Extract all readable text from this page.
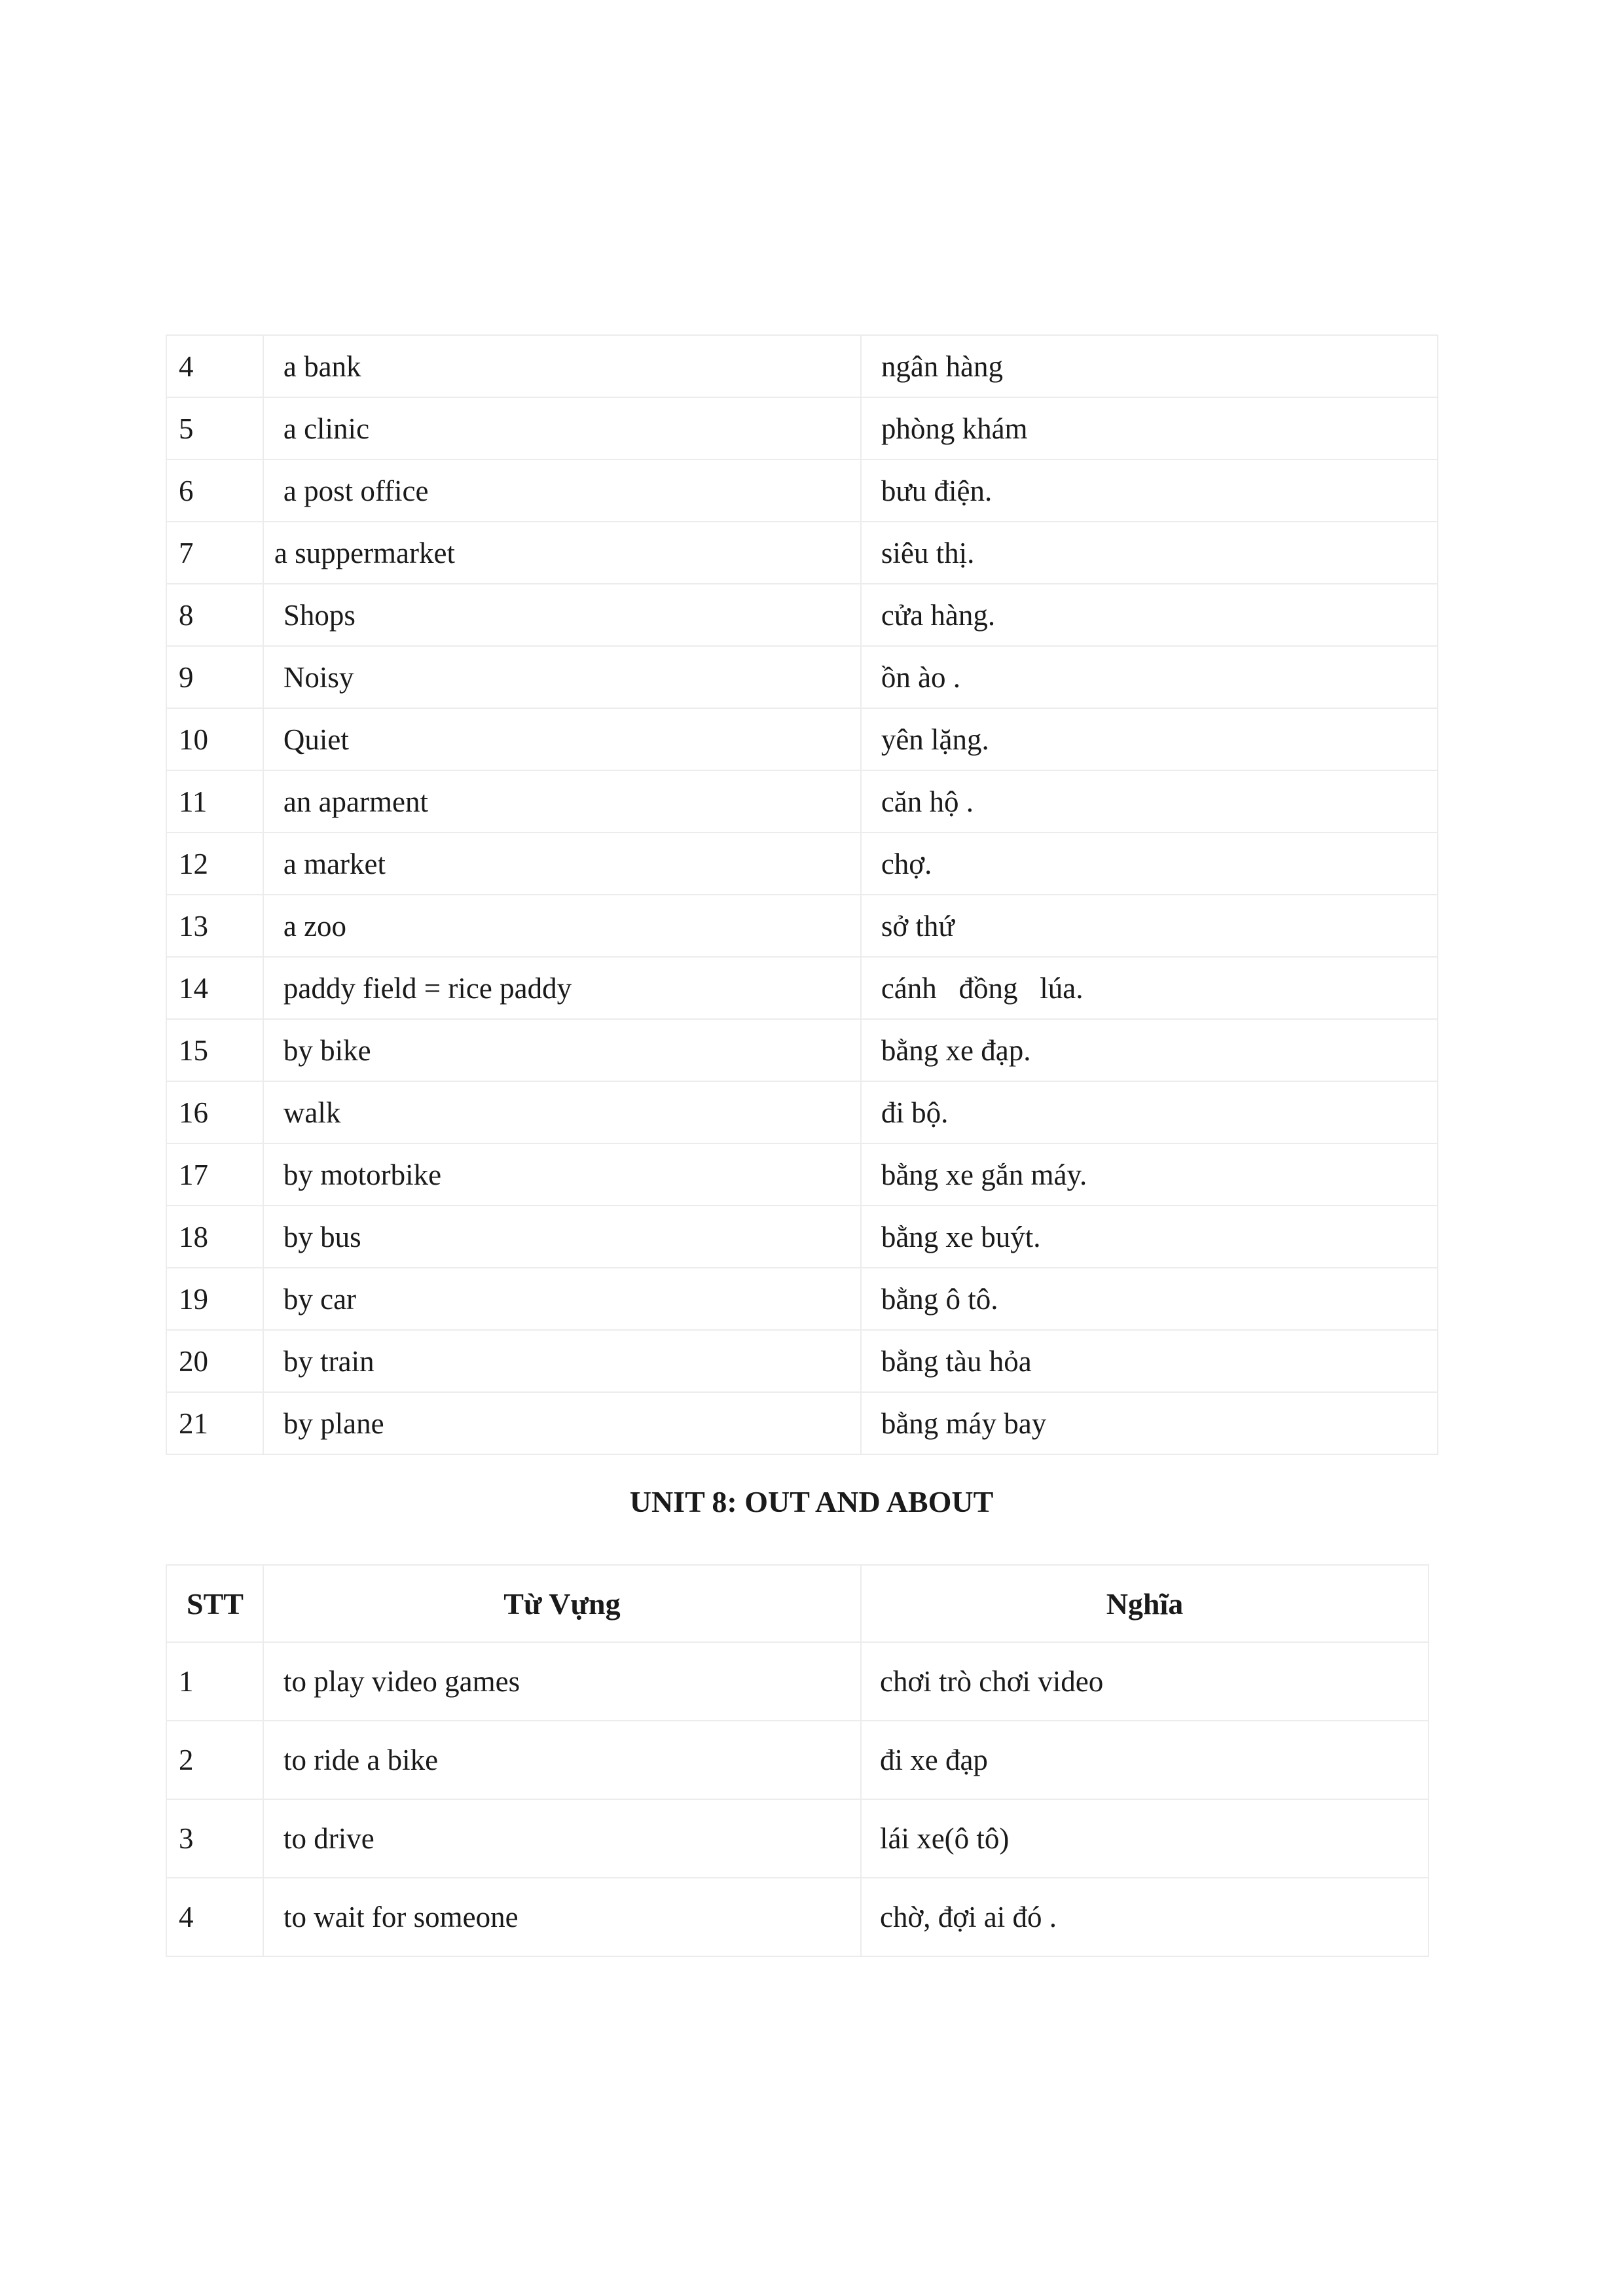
4	a bank	ngân hàng
5	a clinic	phòng khám
6	a post office	bưu điện.
7	a suppermarket	siêu thị.
8	Shops	cửa hàng.
9	Noisy	ồn ào .
10	Quiet	yên lặng.
11	an aparment	căn hộ .
12	a market	chợ.
13	a zoo	sở thứ
14	paddy field = rice paddy	cánh   đồng   lúa.
15	by bike	bằng xe đạp.
16	walk	đi bộ.
17	by motorbike	bằng xe gắn máy.
18	by bus	bằng xe buýt.
19	by car	bằng ô tô.
20	by train	bằng tàu hỏa
21	by plane	bằng máy bay
UNIT 8: OUT AND ABOUT
STT	Từ Vựng	Nghĩa
1	to play video games	chơi trò chơi video
2	to ride a bike	đi xe đạp
3	to drive	lái xe(ô tô)
4	to wait for someone	chờ, đợi ai đó .
